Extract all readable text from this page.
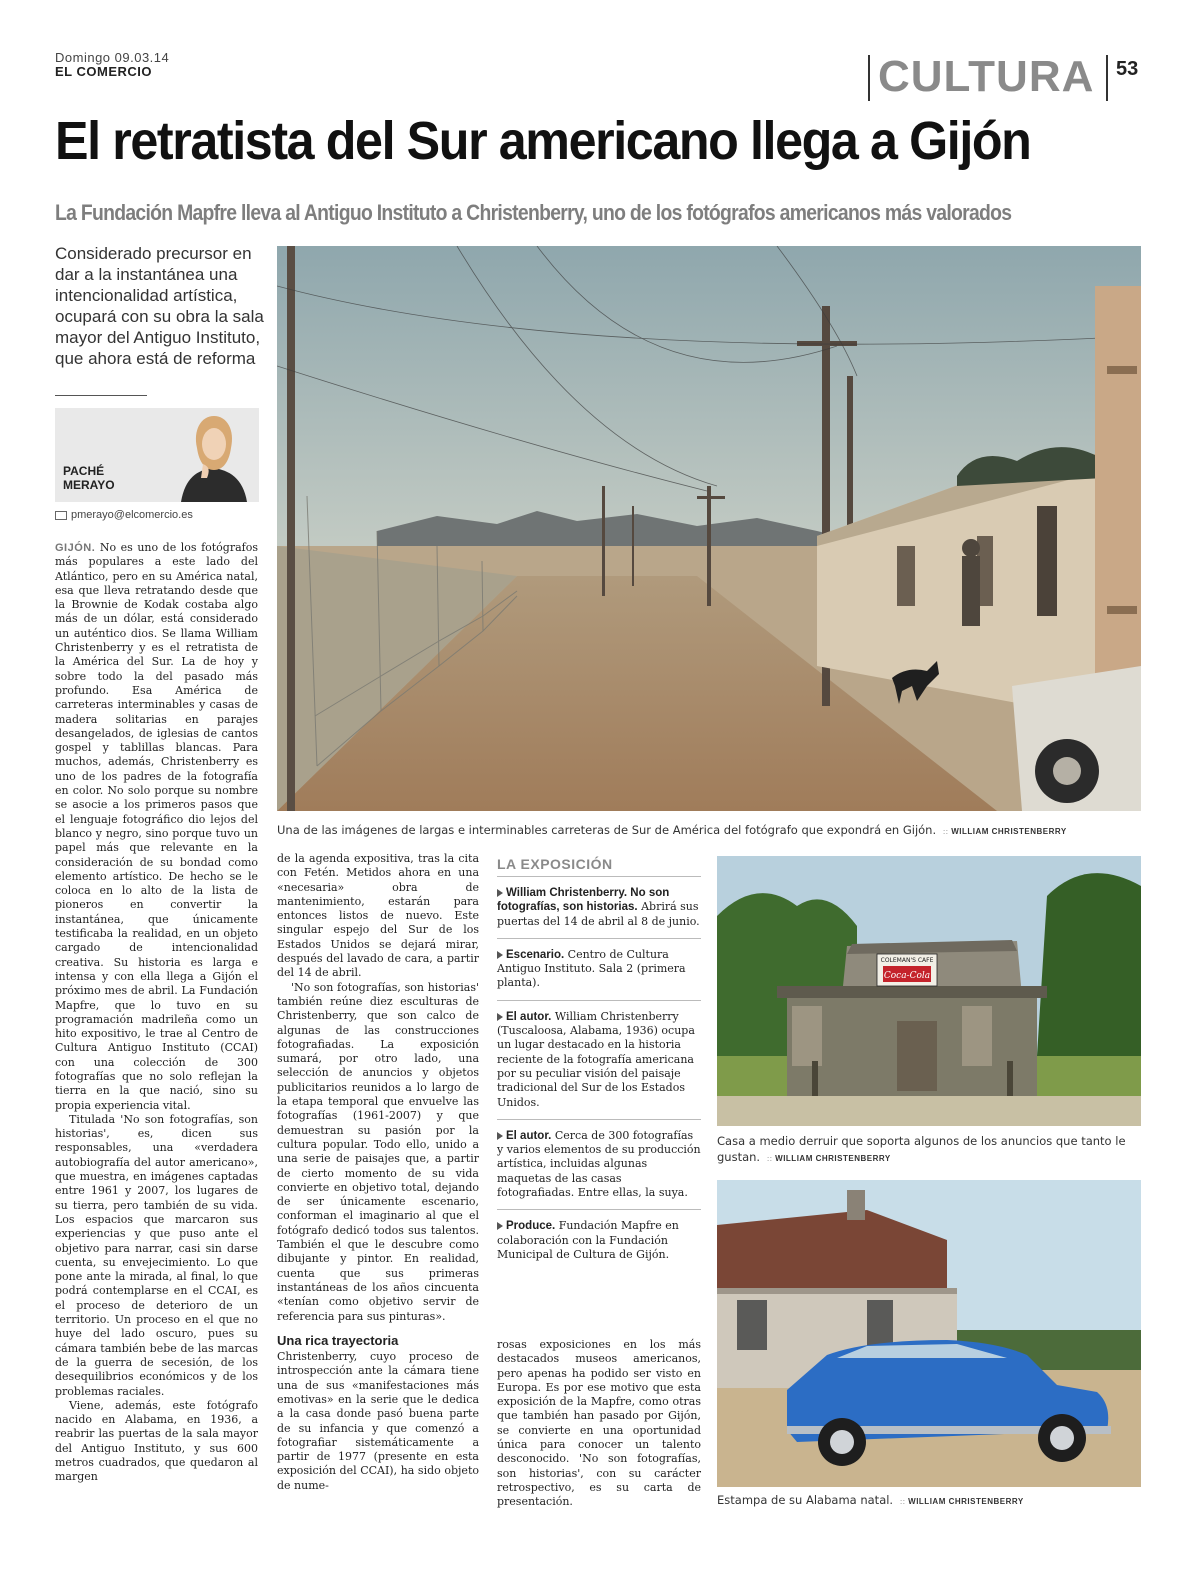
Domingo 09.03.14
EL COMERCIO	CULTURA 53
El retratista del Sur americano llega a Gijón
La Fundación Mapfre lleva al Antiguo Instituto a Christenberry, uno de los fotógrafos americanos más valorados
Considerado precursor en dar a la instantánea una intencionalidad artística, ocupará con su obra la sala mayor del Antiguo Instituto, que ahora está de reforma
PACHÉ
MERAYO
pmerayo@elcomercio.es

GIJÓN. No es uno de los fotógrafos más populares a este lado del Atlántico, pero en su América natal, esa que lleva retratando desde que la Brownie de Kodak costaba algo más de un dólar, está considerado un auténtico dios. Se llama William Christenberry y es el retratista de la América del Sur. La de hoy y sobre todo la del pasado más profundo. Esa América de carreteras interminables y casas de madera solitarias en parajes desangelados, de iglesias de cantos gospel y tablillas blancas. Para muchos, además, Christenberry es uno de los padres de la fotografía en color. No solo porque su nombre se asocie a los primeros pasos que el lenguaje fotográfico dio lejos del blanco y negro, sino porque tuvo un papel más que relevante en la consideración de su bondad como elemento artístico. De hecho se le coloca en lo alto de la lista de pioneros en convertir la instantánea, que únicamente testificaba la realidad, en un objeto cargado de intencionalidad creativa. Su historia es larga e intensa y con ella llega a Gijón el próximo mes de abril. La Fundación Mapfre, que lo tuvo en su programación madrileña como un hito expositivo, le trae al Centro de Cultura Antiguo Instituto (CCAI) con una colección de 300 fotografías que no solo reflejan la tierra en la que nació, sino su propia experiencia vital.

Titulada 'No son fotografías, son historias', es, dicen sus responsables, una «verdadera autobiografía del autor americano», que muestra, en imágenes captadas entre 1961 y 2007, los lugares de su tierra, pero también de su vida. Los espacios que marcaron sus experiencias y que puso ante el objetivo para narrar, casi sin darse cuenta, su envejecimiento. Lo que pone ante la mirada, al final, lo que podrá contemplarse en el CCAI, es el proceso de deterioro de un territorio. Un proceso en el que no huye del lado oscuro, pues su cámara también bebe de las marcas de la guerra de secesión, de los desequilibrios económicos y de los problemas raciales.

Viene, además, este fotógrafo nacido en Alabama, en 1936, a reabrir las puertas de la sala mayor del Antiguo Instituto, y sus 600 metros cuadrados, que quedaron al margen

Una de las imágenes de largas e interminables carreteras de Sur de América del fotógrafo que expondrá en Gijón. :: WILLIAM CHRISTENBERRY

de la agenda expositiva, tras la cita con Fetén. Metidos ahora en una «necesaria» obra de mantenimiento, estarán para entonces listos de nuevo. Este singular espejo del Sur de los Estados Unidos se dejará mirar, después del lavado de cara, a partir del 14 de abril.

'No son fotografías, son historias' también reúne diez esculturas de Christenberry, que son calco de algunas de las construcciones fotografiadas. La exposición sumará, por otro lado, una selección de anuncios y objetos publicitarios reunidos a lo largo de la etapa temporal que envuelve las fotografías (1961-2007) y que demuestran su pasión por la cultura popular. Todo ello, unido a una serie de paisajes que, a partir de cierto momento de su vida convierte en objetivo total, dejando de ser únicamente escenario, conforman el imaginario al que el fotógrafo dedicó todos sus talentos. También el que le descubre como dibujante y pintor. En realidad, cuenta que sus primeras instantáneas de los años cincuenta «tenían como objetivo servir de referencia para sus pinturas».

Una rica trayectoria

Christenberry, cuyo proceso de introspección ante la cámara tiene una de sus «manifestaciones más emotivas» en la serie que le dedica a la casa donde pasó buena parte de su infancia y que comenzó a fotografiar sistemáticamente a partir de 1977 (presente en esta exposición del CCAI), ha sido objeto de nume-

LA EXPOSICIÓN
William Christenberry. No son fotografías, son historias. Abrirá sus puertas del 14 de abril al 8 de junio.
Escenario. Centro de Cultura Antiguo Instituto. Sala 2 (primera planta).
El autor. William Christenberry (Tuscaloosa, Alabama, 1936) ocupa un lugar destacado en la historia reciente de la fotografía americana por su peculiar visión del paisaje tradicional del Sur de los Estados Unidos.
El autor. Cerca de 300 fotografías y varios elementos de su producción artística, incluidas algunas maquetas de las casas fotografiadas. Entre ellas, la suya.
Produce. Fundación Mapfre en colaboración con la Fundación Municipal de Cultura de Gijón.

rosas exposiciones en los más destacados museos americanos, pero apenas ha podido ser visto en Europa. Es por ese motivo que esta exposición de la Mapfre, como otras que también han pasado por Gijón, se convierte en una oportunidad única para conocer un talento desconocido. 'No son fotografías, son historias', con su carácter retrospectivo, es su carta de presentación.

COLEMAN'S CAFE
Coca-Cola
Casa a medio derruir que soporta algunos de los anuncios que tanto le gustan. :: WILLIAM CHRISTENBERRY
Estampa de su Alabama natal. :: WILLIAM CHRISTENBERRY
